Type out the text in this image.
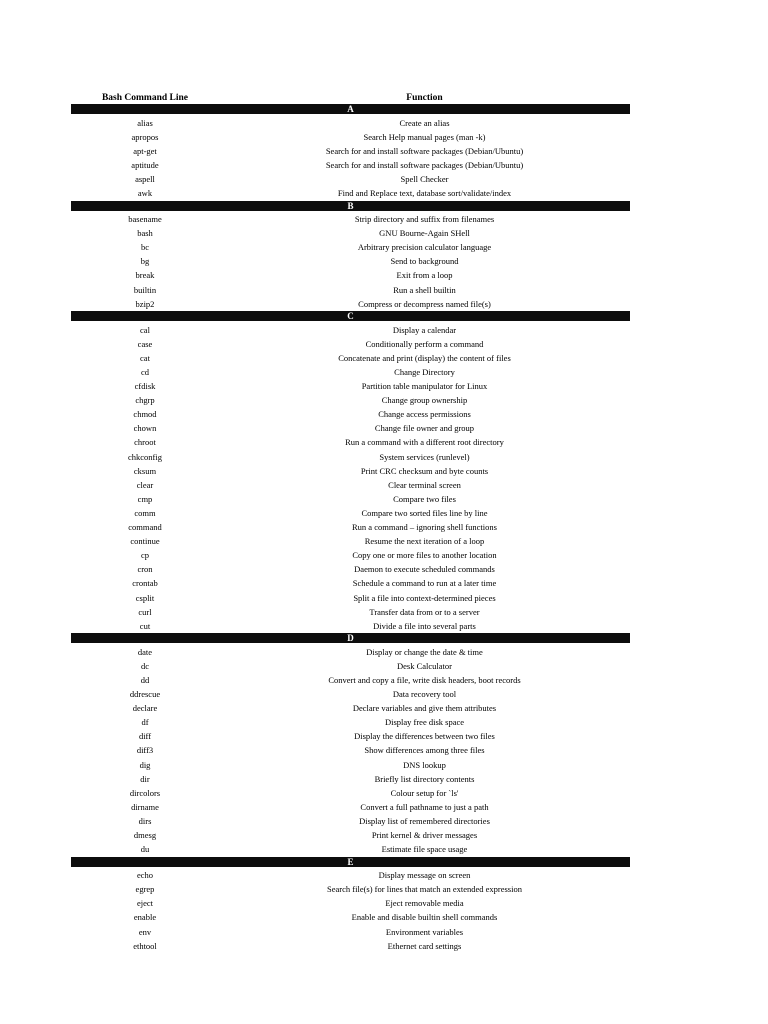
Bash Command Line	Function
A
alias	Create an alias
apropos	Search Help manual pages (man -k)
apt-get	Search for and install software packages (Debian/Ubuntu)
aptitude	Search for and install software packages (Debian/Ubuntu)
aspell	Spell Checker
awk	Find and Replace text, database sort/validate/index
B
basename	Strip directory and suffix from filenames
bash	GNU Bourne-Again SHell
bc	Arbitrary precision calculator language
bg	Send to background
break	Exit from a loop
builtin	Run a shell builtin
bzip2	Compress or decompress named file(s)
C
cal	Display a calendar
case	Conditionally perform a command
cat	Concatenate and print (display) the content of files
cd	Change Directory
cfdisk	Partition table manipulator for Linux
chgrp	Change group ownership
chmod	Change access permissions
chown	Change file owner and group
chroot	Run a command with a different root directory
chkconfig	System services (runlevel)
cksum	Print CRC checksum and byte counts
clear	Clear terminal screen
cmp	Compare two files
comm	Compare two sorted files line by line
command	Run a command – ignoring shell functions
continue	Resume the next iteration of a loop
cp	Copy one or more files to another location
cron	Daemon to execute scheduled commands
crontab	Schedule a command to run at a later time
csplit	Split a file into context-determined pieces
curl	Transfer data from or to a server
cut	Divide a file into several parts
D
date	Display or change the date & time
dc	Desk Calculator
dd	Convert and copy a file, write disk headers, boot records
ddrescue	Data recovery tool
declare	Declare variables and give them attributes
df	Display free disk space
diff	Display the differences between two files
diff3	Show differences among three files
dig	DNS lookup
dir	Briefly list directory contents
dircolors	Colour setup for `ls'
dirname	Convert a full pathname to just a path
dirs	Display list of remembered directories
dmesg	Print kernel & driver messages
du	Estimate file space usage
E
echo	Display message on screen
egrep	Search file(s) for lines that match an extended expression
eject	Eject removable media
enable	Enable and disable builtin shell commands
env	Environment variables
ethtool	Ethernet card settings
